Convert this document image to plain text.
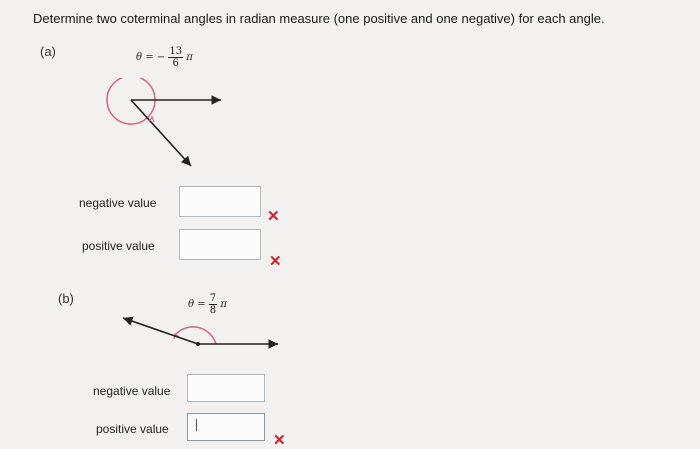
Determine two coterminal angles in radian measure (one positive and one negative) for each angle.
(a)	θ = − $\frac{13}{6}$ π
negative value
✕
positive value
✕
(b)	$\theta = \frac{7}{8}$ π
negative value
positive value
✕
